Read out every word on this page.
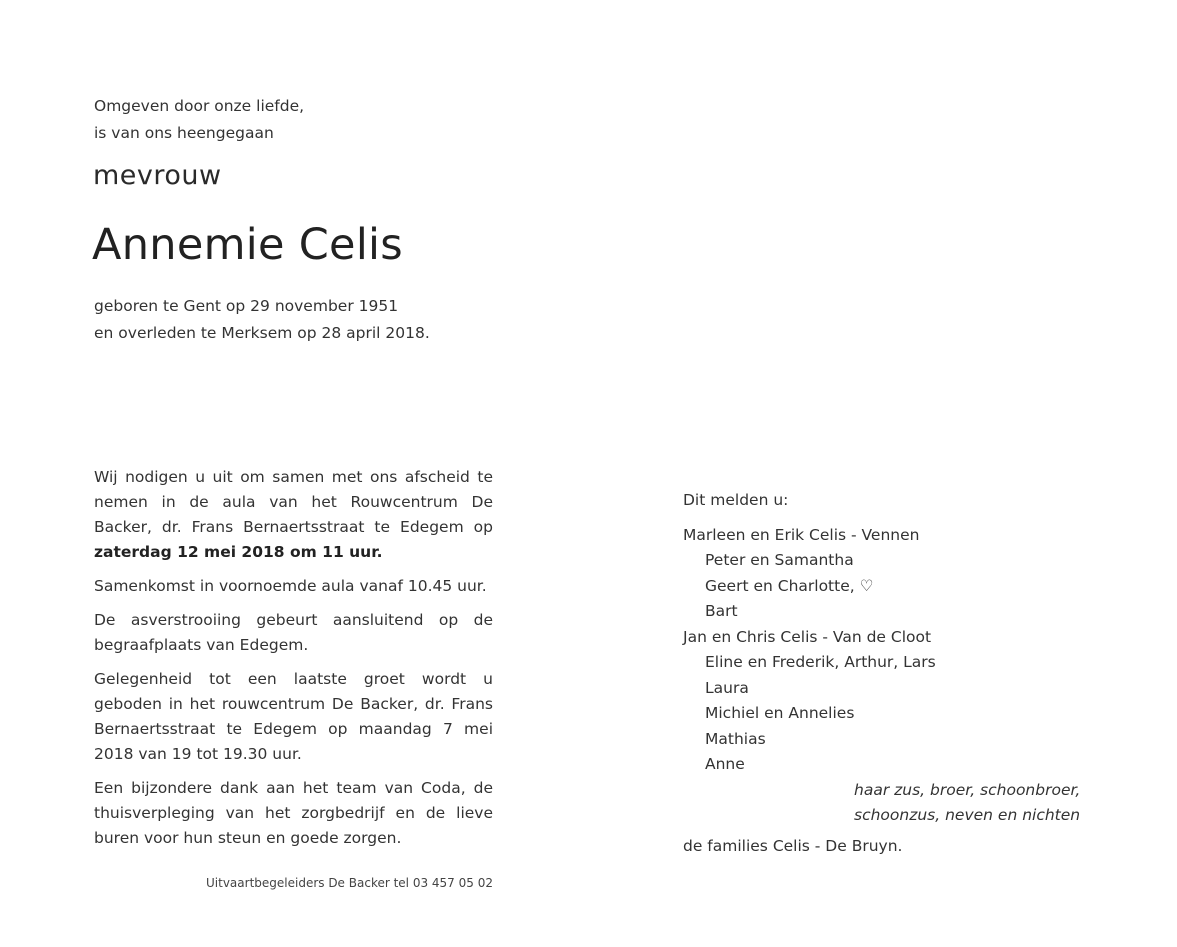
Omgeven door onze liefde,
is van ons heengegaan
mevrouw
Annemie Celis
geboren te Gent op 29 november 1951
en overleden te Merksem op 28 april 2018.

Wij nodigen u uit om samen met ons afscheid te nemen in de aula van het Rouwcentrum De Backer, dr. Frans Bernaertsstraat te Edegem op zaterdag 12 mei 2018 om 11 uur.

Samenkomst in voornoemde aula vanaf 10.45 uur.

De asverstrooiing gebeurt aansluitend op de begraafplaats van Edegem.

Gelegenheid tot een laatste groet wordt u geboden in het rouwcentrum De Backer, dr. Frans Bernaertsstraat te Edegem op maandag 7 mei 2018 van 19 tot 19.30 uur.

Een bijzondere dank aan het team van Coda, de thuisverpleging van het zorgbedrijf en de lieve buren voor hun steun en goede zorgen.

Uitvaartbegeleiders De Backer tel 03 457 05 02
Dit melden u:
Marleen en Erik Celis - Vennen
Peter en Samantha
Geert en Charlotte, ♡
Bart
Jan en Chris Celis - Van de Cloot
Eline en Frederik, Arthur, Lars
Laura
Michiel en Annelies
Mathias
Anne
haar zus, broer, schoonbroer,
schoonzus, neven en nichten
de families Celis - De Bruyn.
